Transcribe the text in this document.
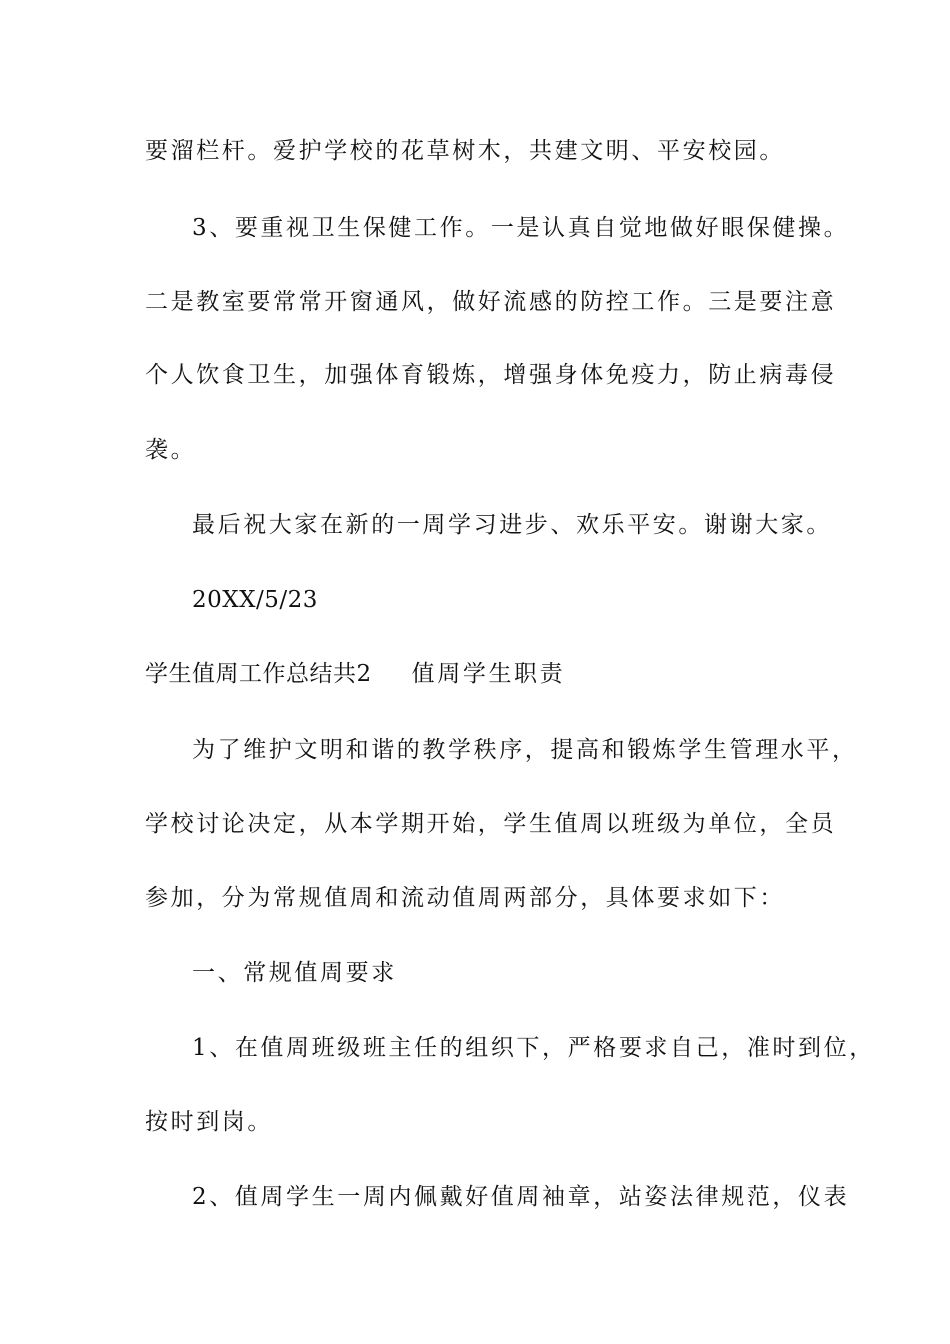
要溜栏杆。爱护学校的花草树木，共建文明、平安校园。
3、要重视卫生保健工作。一是认真自觉地做好眼保健操。
二是教室要常常开窗通风，做好流感的防控工作。三是要注意
个人饮食卫生，加强体育锻炼，增强身体免疫力，防止病毒侵
袭。
最后祝大家在新的一周学习进步、欢乐平安。谢谢大家。
20XX/5/23
学生值周工作总结共2 值周学生职责
为了维护文明和谐的教学秩序，提高和锻炼学生管理水平，
学校讨论决定，从本学期开始，学生值周以班级为单位，全员
参加，分为常规值周和流动值周两部分，具体要求如下：
一、常规值周要求
1、在值周班级班主任的组织下，严格要求自己，准时到位，
按时到岗。
2、值周学生一周内佩戴好值周袖章，站姿法律规范，仪表
